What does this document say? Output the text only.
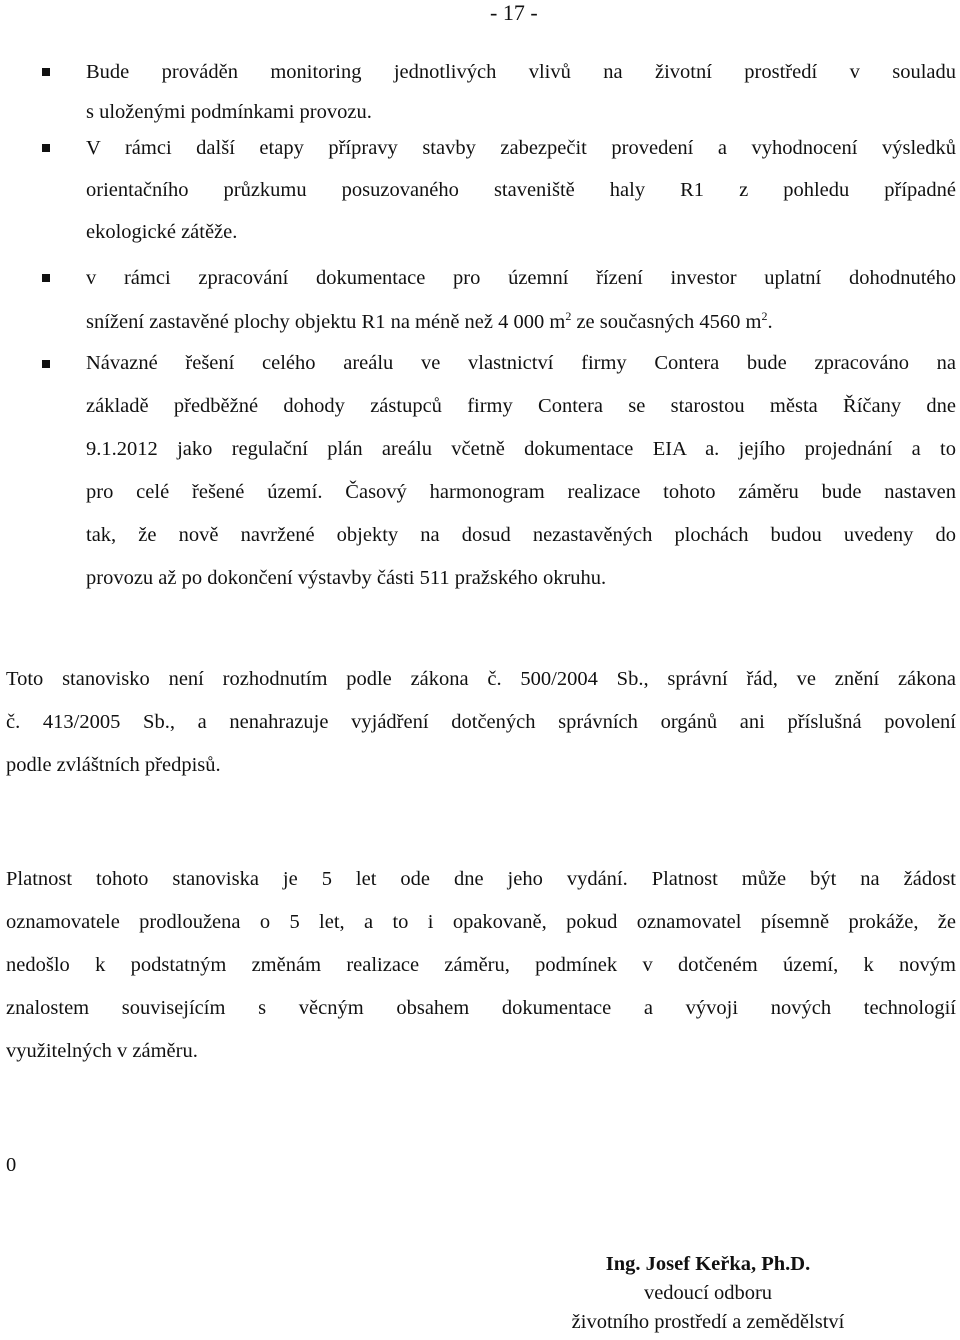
- 17 -
Bude prováděn monitoring jednotlivých vlivů na životní prostředí v souladu
s uloženými podmínkami provozu.
V rámci další etapy přípravy stavby zabezpečit provedení a vyhodnocení výsledků
orientačního průzkumu posuzovaného staveniště haly R1 z pohledu případné
ekologické zátěže.
v rámci zpracování dokumentace pro územní řízení investor uplatní dohodnutého
snížení zastavěné plochy objektu R1 na méně než 4 000 $m^2$ ze současných 4560 $m^2$.
Návazné řešení celého areálu ve vlastnictví firmy Contera bude zpracováno na
základě předběžné dohody zástupců firmy Contera se starostou města Říčany dne
9.1.2012 jako regulační plán areálu včetně dokumentace EIA a. jejího projednání a to
pro celé řešené území. Časový harmonogram realizace tohoto záměru bude nastaven
tak, že nově navržené objekty na dosud nezastavěných plochách budou uvedeny do
provozu až po dokončení výstavby části 511 pražského okruhu.
Toto stanovisko není rozhodnutím podle zákona č. 500/2004 Sb., správní řád, ve znění zákona
č. 413/2005 Sb., a nenahrazuje vyjádření dotčených správních orgánů ani příslušná povolení
podle zvláštních předpisů.
Platnost tohoto stanoviska je 5 let ode dne jeho vydání. Platnost může být na žádost
oznamovatele prodloužena o 5 let, a to i opakovaně, pokud oznamovatel písemně prokáže, že
nedošlo k podstatným změnám realizace záměru, podmínek v dotčeném území, k novým
znalostem souvisejícím s věcným obsahem dokumentace a vývoji nových technologií
využitelných v záměru.
0
Ing. Josef Keřka, Ph.D.
vedoucí odboru
životního prostředí a zemědělství
